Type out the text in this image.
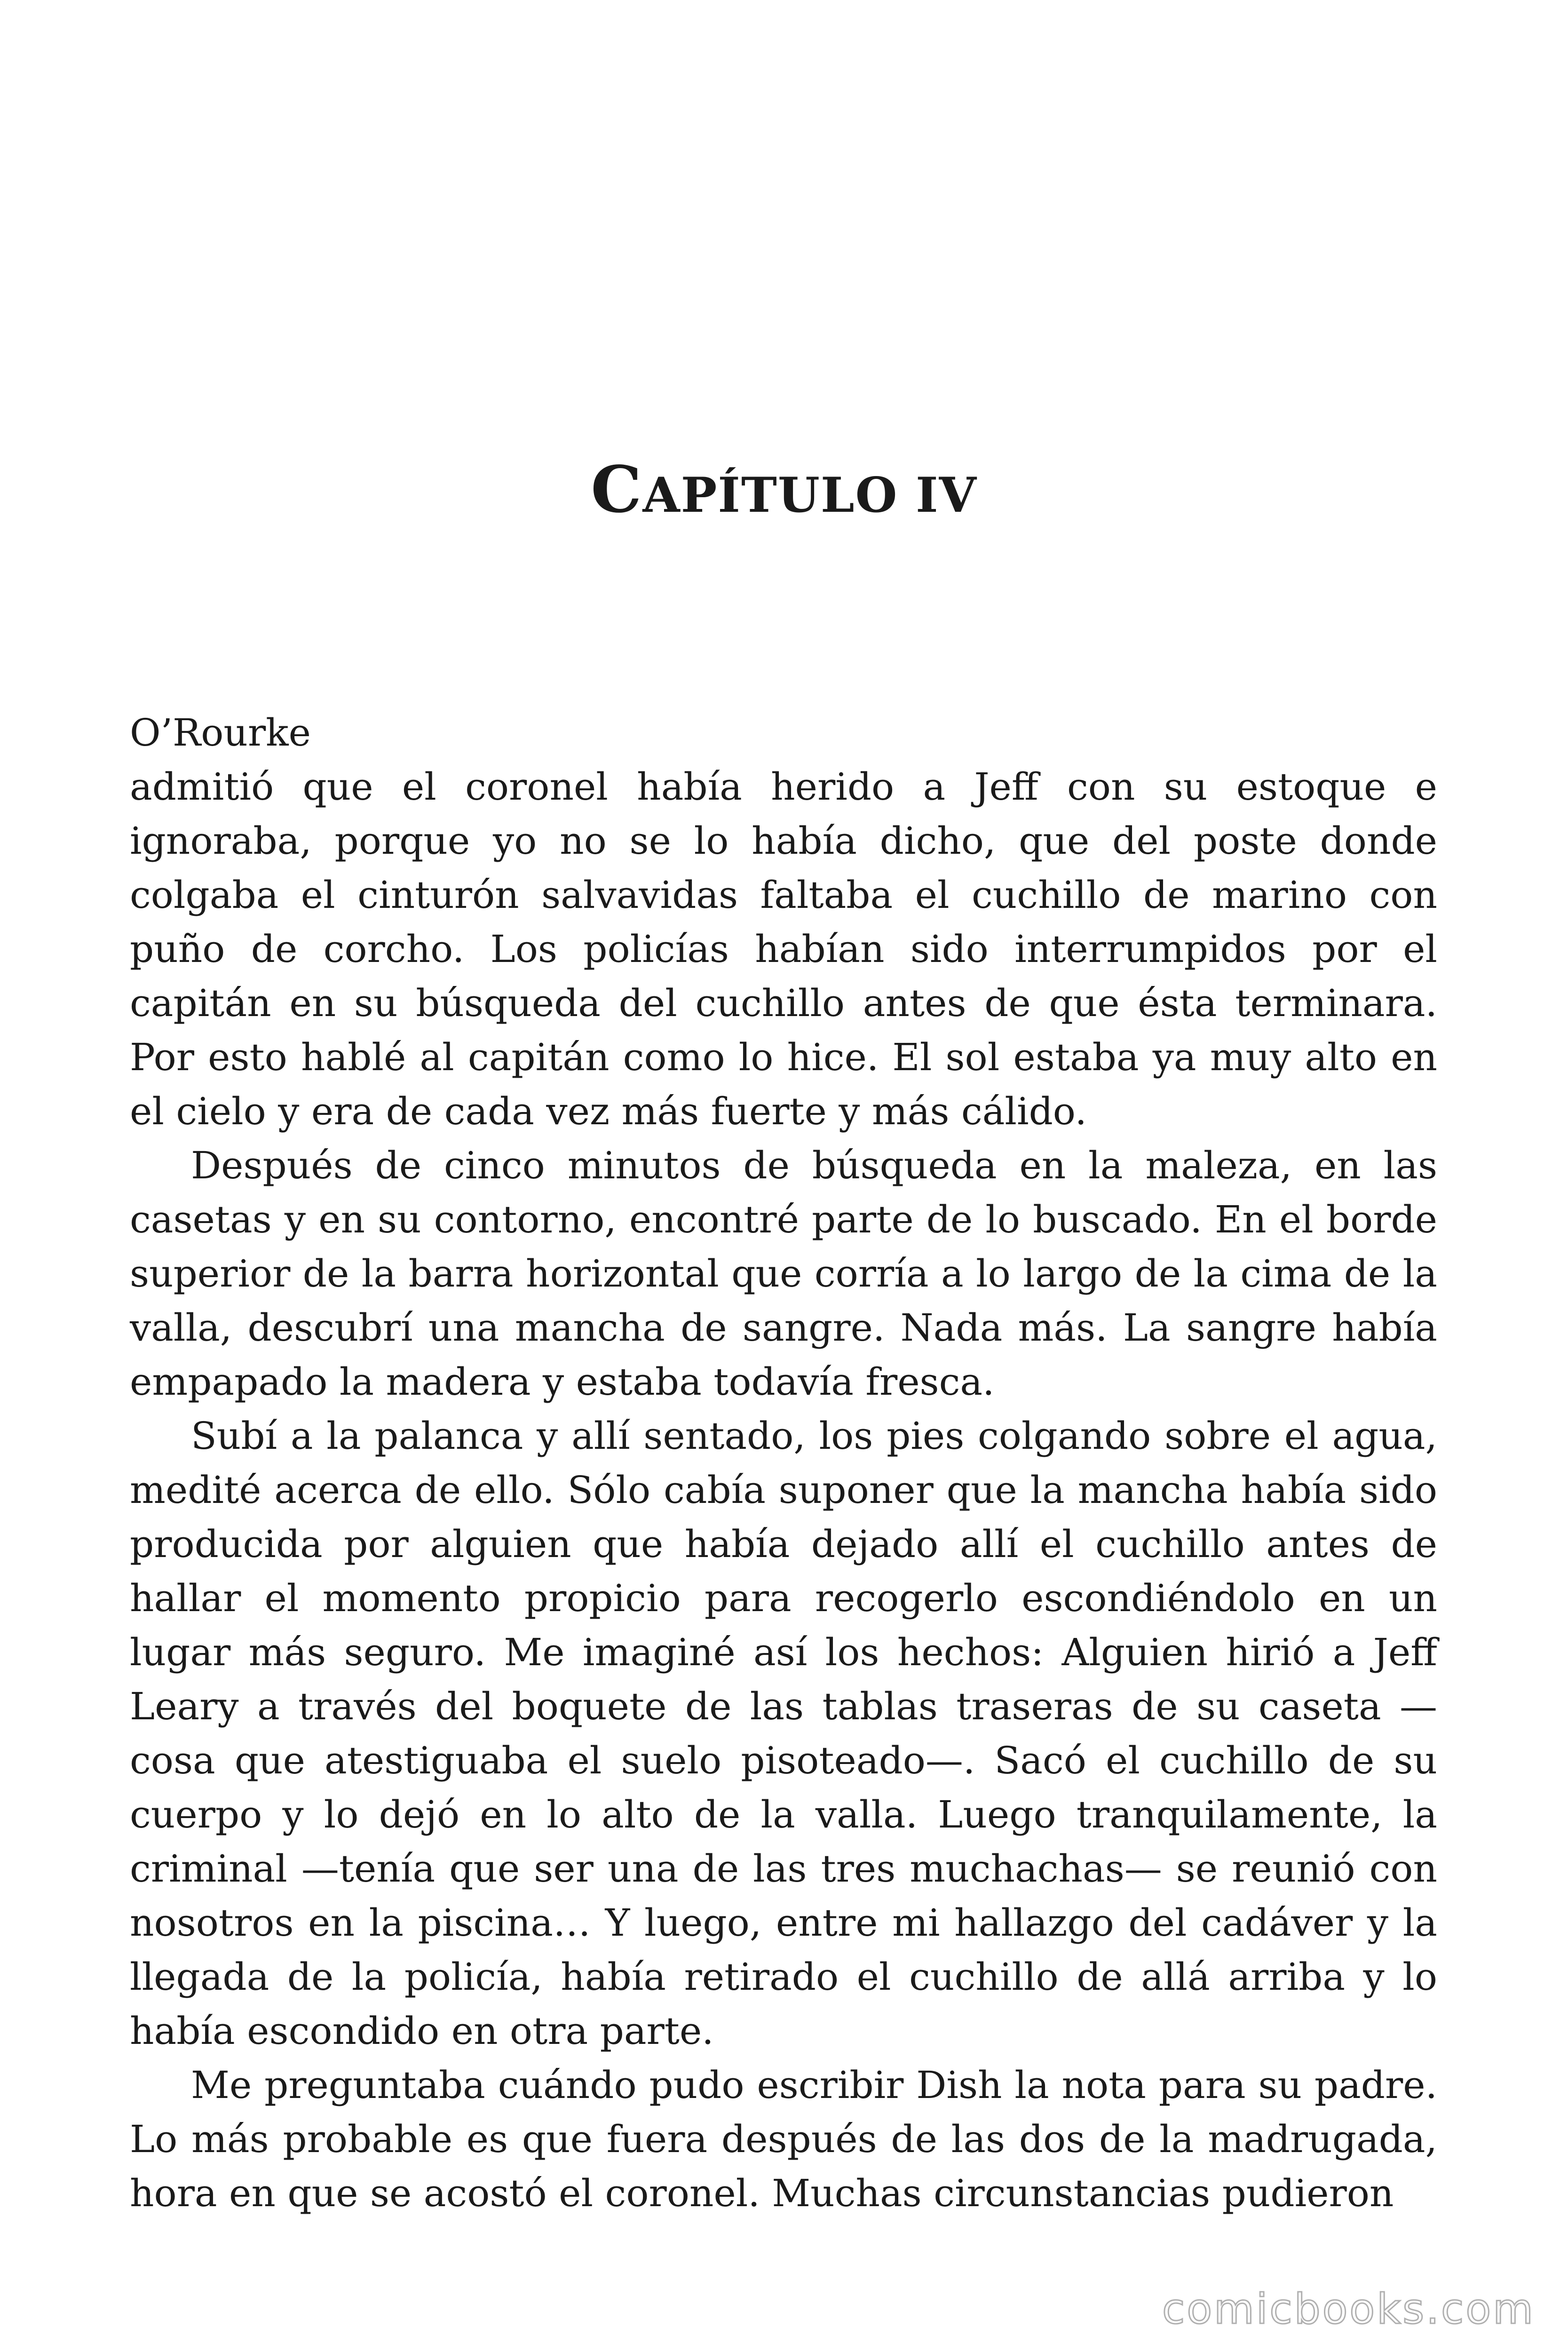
CAPÍTULO IV

O’Rourke
admitió que el coronel había herido a Jeff con su estoque e ignoraba, porque yo no se lo había dicho, que del poste donde colgaba el cinturón salvavidas faltaba el cuchillo de marino con puño de corcho. Los policías habían sido interrumpidos por el capitán en su búsqueda del cuchillo antes de que ésta terminara. Por esto hablé al capitán como lo hice. El sol estaba ya muy alto en el cielo y era de cada vez más fuerte y más cálido.

Después de cinco minutos de búsqueda en la maleza, en las casetas y en su contorno, encontré parte de lo buscado. En el borde superior de la barra horizontal que corría a lo largo de la cima de la valla, descubrí una mancha de sangre. Nada más. La sangre había empapado la madera y estaba todavía fresca.

Subí a la palanca y allí sentado, los pies colgando sobre el agua, medité acerca de ello. Sólo cabía suponer que la mancha había sido producida por alguien que había dejado allí el cuchillo antes de hallar el momento propicio para recogerlo escondiéndolo en un lugar más seguro. Me imaginé así los hechos: Alguien hirió a Jeff Leary a través del boquete de las tablas traseras de su caseta —cosa que atestiguaba el suelo pisoteado—. Sacó el cuchillo de su cuerpo y lo dejó en lo alto de la valla. Luego tranquilamente, la criminal —tenía que ser una de las tres muchachas— se reunió con nosotros en la piscina… Y luego, entre mi hallazgo del cadáver y la llegada de la policía, había retirado el cuchillo de allá arriba y lo había escondido en otra parte.

Me preguntaba cuándo pudo escribir Dish la nota para su padre. Lo más probable es que fuera después de las dos de la madrugada, hora en que se acostó el coronel. Muchas circunstancias pudieron

comicbooks.com
